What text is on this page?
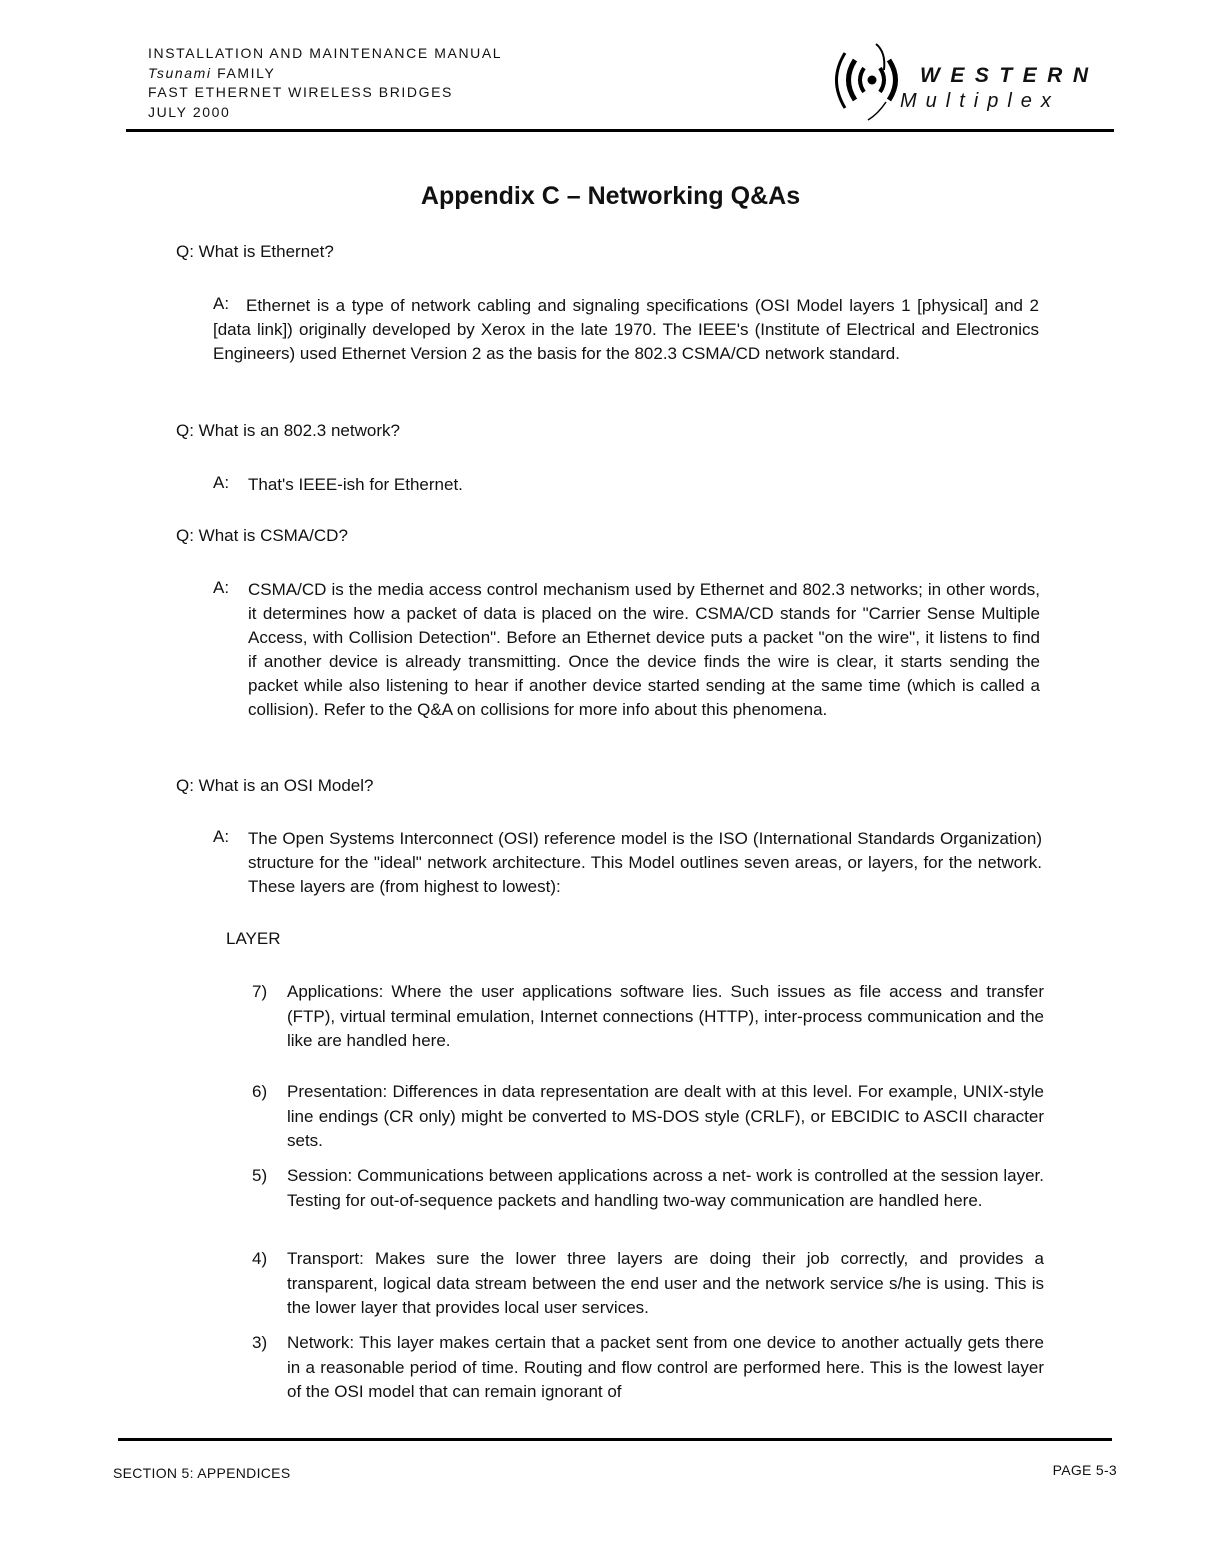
INSTALLATION AND MAINTENANCE MANUAL
Tsunami FAMILY
FAST ETHERNET WIRELESS BRIDGES
JULY 2000
WESTERN
Multiplex
Appendix C – Networking Q&As
Q: What is Ethernet?
A: Ethernet is a type of network cabling and signaling specifications (OSI Model layers 1 [physical] and 2 [data link]) originally developed by Xerox in the late 1970. The IEEE's (Institute of Electrical and Electronics Engineers) used Ethernet Version 2 as the basis for the 802.3 CSMA/CD network standard.
Q: What is an 802.3 network?
A: That's IEEE-ish for Ethernet.
Q: What is CSMA/CD?
A: CSMA/CD is the media access control mechanism used by Ethernet and 802.3 networks; in other words, it determines how a packet of data is placed on the wire. CSMA/CD stands for "Carrier Sense Multiple Access, with Collision Detection". Before an Ethernet device puts a packet "on the wire", it listens to find if another device is already transmitting. Once the device finds the wire is clear, it starts sending the packet while also listening to hear if another device started sending at the same time (which is called a collision). Refer to the Q&A on collisions for more info about this phenomena.
Q: What is an OSI Model?
A: The Open Systems Interconnect (OSI) reference model is the ISO (International Standards Organization) structure for the "ideal" network architecture. This Model outlines seven areas, or layers, for the network. These layers are (from highest to lowest):
LAYER
7) Applications: Where the user applications software lies. Such issues as file access and transfer (FTP), virtual terminal emulation, Internet connections (HTTP), inter-process communication and the like are handled here.
6) Presentation: Differences in data representation are dealt with at this level. For example, UNIX-style line endings (CR only) might be converted to MS-DOS style (CRLF), or EBCIDIC to ASCII character sets.
5) Session: Communications between applications across a net- work is controlled at the session layer. Testing for out-of-sequence packets and handling two-way communication are handled here.
4) Transport: Makes sure the lower three layers are doing their job correctly, and provides a transparent, logical data stream between the end user and the network service s/he is using. This is the lower layer that provides local user services.
3) Network: This layer makes certain that a packet sent from one device to another actually gets there in a reasonable period of time. Routing and flow control are performed here. This is the lowest layer of the OSI model that can remain ignorant of
SECTION 5: APPENDICES	PAGE 5-3
